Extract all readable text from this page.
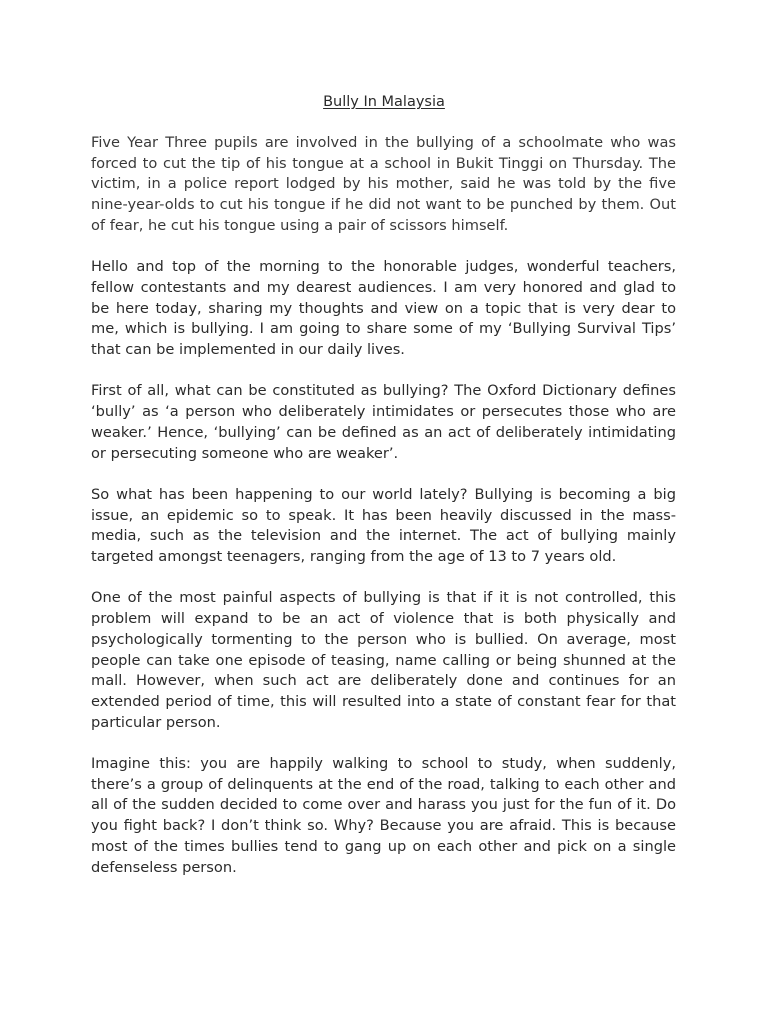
Bully In Malaysia

Five Year Three pupils are involved in the bullying of a schoolmate who was forced to cut the tip of his tongue at a school in Bukit Tinggi on Thursday. The victim, in a police report lodged by his mother, said he was told by the five nine-year-olds to cut his tongue if he did not want to be punched by them. Out of fear, he cut his tongue using a pair of scissors himself.

Hello and top of the morning to the honorable judges, wonderful teachers, fellow contestants and my dearest audiences. I am very honored and glad to be here today, sharing my thoughts and view on a topic that is very dear to me, which is bullying. I am going to share some of my ‘Bullying Survival Tips’ that can be implemented in our daily lives.

First of all, what can be constituted as bullying? The Oxford Dictionary defines ‘bully’ as ‘a person who deliberately intimidates or persecutes those who are weaker.’ Hence, ‘bullying’ can be defined as an act of deliberately intimidating or persecuting someone who are weaker’.

So what has been happening to our world lately? Bullying is becoming a big issue, an epidemic so to speak. It has been heavily discussed in the mass-media, such as the television and the internet. The act of bullying mainly targeted amongst teenagers, ranging from the age of 13 to 7 years old.

One of the most painful aspects of bullying is that if it is not controlled, this problem will expand to be an act of violence that is both physically and psychologically tormenting to the person who is bullied. On average, most people can take one episode of teasing, name calling or being shunned at the mall. However, when such act are deliberately done and continues for an extended period of time, this will resulted into a state of constant fear for that particular person.

Imagine this: you are happily walking to school to study, when suddenly, there’s a group of delinquents at the end of the road, talking to each other and all of the sudden decided to come over and harass you just for the fun of it. Do you fight back? I don’t think so. Why? Because you are afraid. This is because most of the times bullies tend to gang up on each other and pick on a single defenseless person.
